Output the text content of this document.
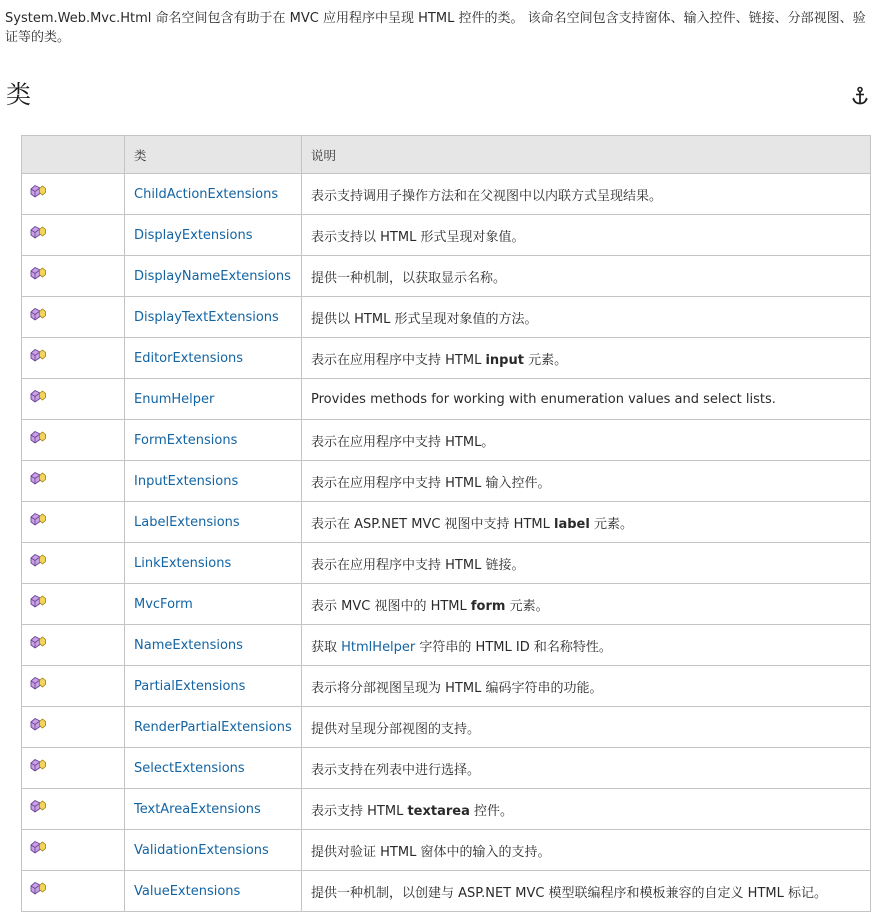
System.Web.Mvc.Html 命名空间包含有助于在 MVC 应用程序中呈现 HTML 控件的类。 该命名空间包含支持窗体、输入控件、链接、分部视图、验证等的类。

类
	类	说明
	ChildActionExtensions	表示支持调用子操作方法和在父视图中以内联方式呈现结果。
	DisplayExtensions	表示支持以 HTML 形式呈现对象值。
	DisplayNameExtensions	提供一种机制，以获取显示名称。
	DisplayTextExtensions	提供以 HTML 形式呈现对象值的方法。
	EditorExtensions	表示在应用程序中支持 HTML input 元素。
	EnumHelper	Provides methods for working with enumeration values and select lists.
	FormExtensions	表示在应用程序中支持 HTML。
	InputExtensions	表示在应用程序中支持 HTML 输入控件。
	LabelExtensions	表示在 ASP.NET MVC 视图中支持 HTML label 元素。
	LinkExtensions	表示在应用程序中支持 HTML 链接。
	MvcForm	表示 MVC 视图中的 HTML form 元素。
	NameExtensions	获取 HtmlHelper 字符串的 HTML ID 和名称特性。
	PartialExtensions	表示将分部视图呈现为 HTML 编码字符串的功能。
	RenderPartialExtensions	提供对呈现分部视图的支持。
	SelectExtensions	表示支持在列表中进行选择。
	TextAreaExtensions	表示支持 HTML textarea 控件。
	ValidationExtensions	提供对验证 HTML 窗体中的输入的支持。
	ValueExtensions	提供一种机制，以创建与 ASP.NET MVC 模型联编程序和模板兼容的自定义 HTML 标记。
